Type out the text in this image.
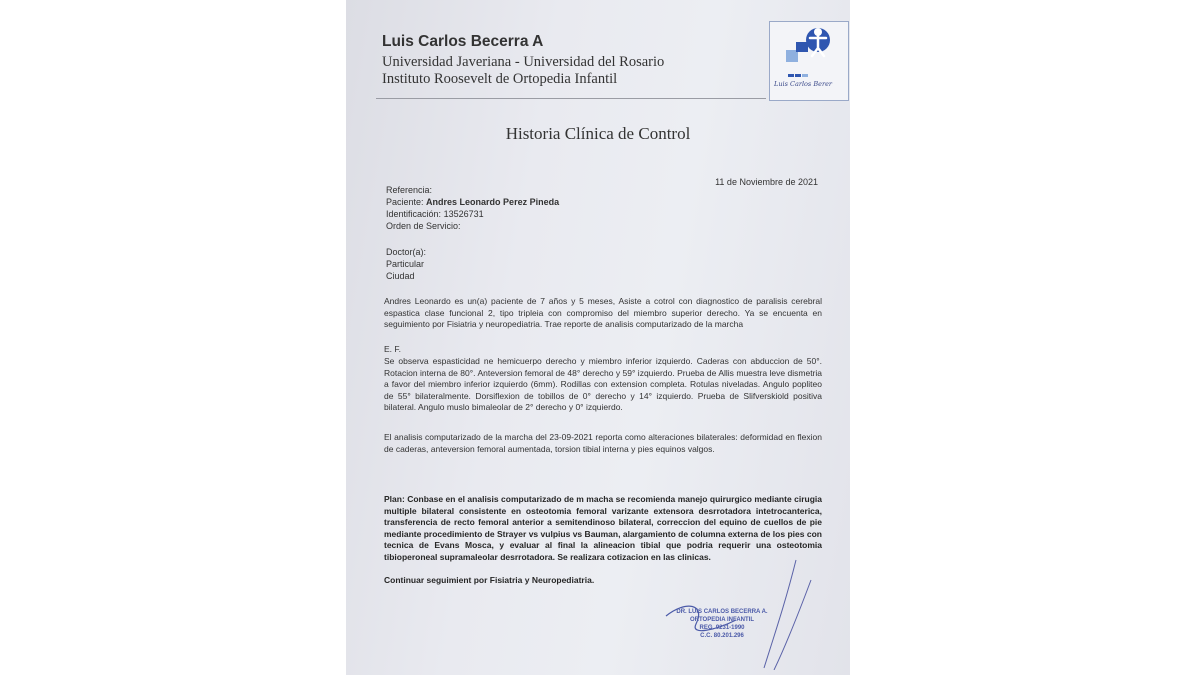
Luis Carlos Becerra A
Universidad Javeriana - Universidad del Rosario
Instituto Roosevelt de Ortopedia Infantil	Luis Carlos Berer
Historia Clínica de Control
11 de Noviembre de 2021
Referencia:
Paciente: Andres Leonardo Perez Pineda
Identificación: 13526731
Orden de Servicio:
Doctor(a):
Particular
Ciudad
Andres Leonardo es un(a) paciente de 7 años y 5 meses, Asiste a cotrol con diagnostico de paralisis cerebral espastica clase funcional 2, tipo tripleia con compromiso del miembro superior derecho. Ya se encuenta en seguimiento por Fisiatria y neuropediatria. Trae reporte de analisis computarizado de la marcha
E. F.
Se observa espasticidad ne hemicuerpo derecho y miembro inferior izquierdo. Caderas con abduccion de 50°. Rotacion interna de 80°. Anteversion femoral de 48° derecho y 59° izquierdo. Prueba de Allis muestra leve dismetria a favor del miembro inferior izquierdo (6mm). Rodillas con extension completa. Rotulas niveladas. Angulo popliteo de 55° bilateralmente. Dorsiflexion de tobillos de 0° derecho y 14° izquierdo. Prueba de Slifverskiold positiva bilateral. Angulo muslo bimaleolar de 2° derecho y 0° izquierdo.
El analisis computarizado de la marcha del 23-09-2021 reporta como alteraciones bilaterales: deformidad en flexion de caderas, anteversion femoral aumentada, torsion tibial interna y pies equinos valgos.
Plan: Conbase en el analisis computarizado de m macha se recomienda manejo quirurgico mediante cirugia multiple bilateral consistente en osteotomia femoral varizante extensora desrrotadora intetrocanterica, transferencia de recto femoral anterior a semitendinoso bilateral, correccion del equino de cuellos de pie mediante procedimiento de Strayer vs vulpius vs Bauman, alargamiento de columna externa de los pies con tecnica de Evans Mosca, y evaluar al final la alineacion tibial que podria requerir una osteotomia tibioperoneal supramaleolar desrrotadora. Se realizara cotizacion en las clinicas.
Continuar seguimient por Fisiatria y Neuropediatria.
DR. LUIS CARLOS BECERRA A.
ORTOPEDIA INFANTIL
REG. 9231-1990
C.C. 80.201.296
